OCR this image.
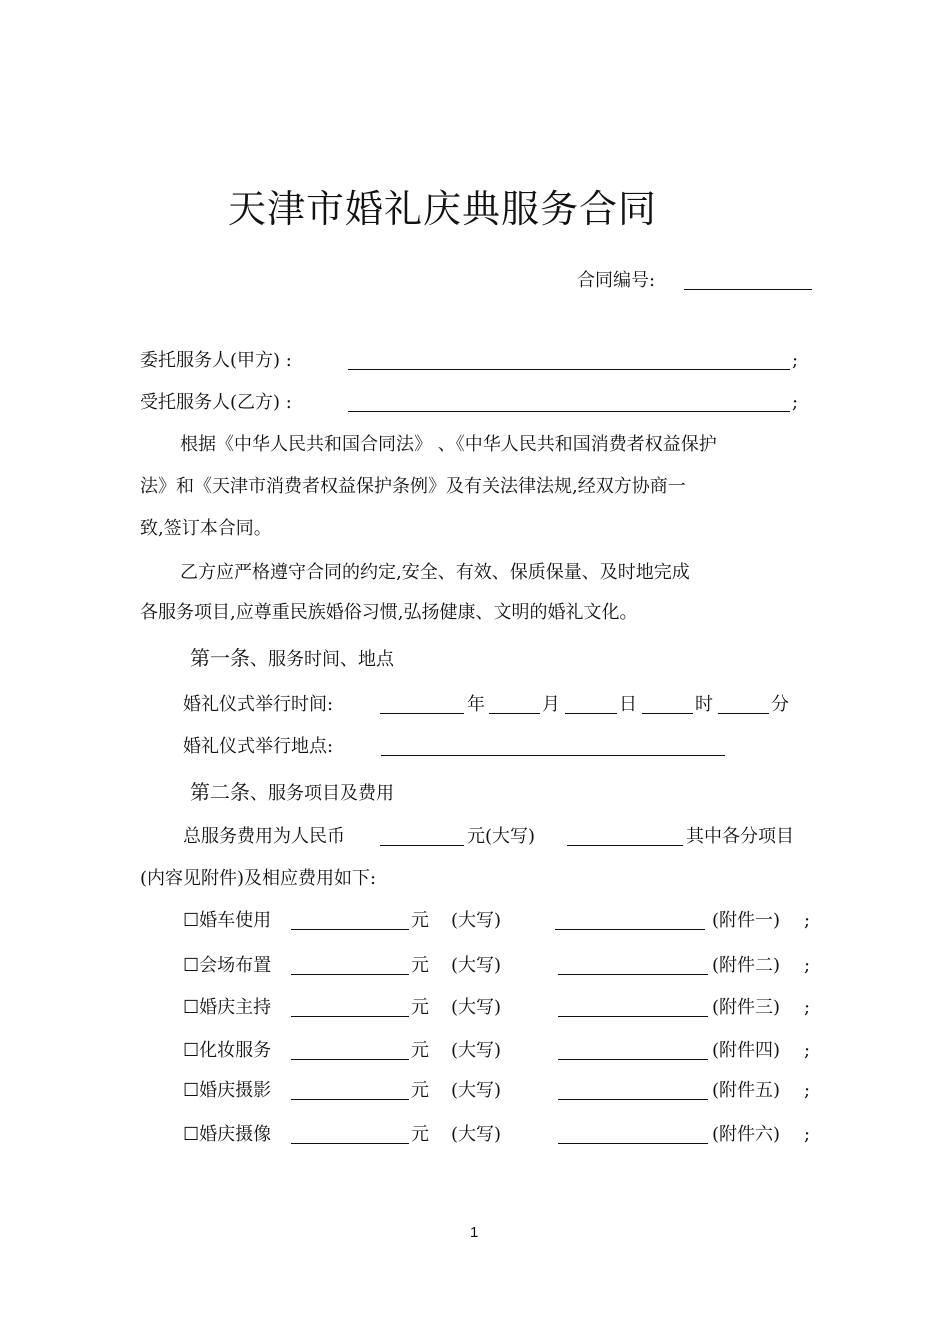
天津市婚礼庆典服务合同
合同编号:
委托服务人(甲方) :	;
受托服务人(乙方) :	;
根据《中华人民共和国合同法》 、《中华人民共和国消费者权益保护
法》和《天津市消费者权益保护条例》及有关法律法规,经双方协商一
致,签订本合同。
乙方应严格遵守合同的约定,安全、有效、保质保量、及时地完成
各服务项目,应尊重民族婚俗习惯,弘扬健康、文明的婚礼文化。
第一条、服务时间、地点
婚礼仪式举行时间:	年	月	日	时	分
婚礼仪式举行地点:
第二条、服务项目及费用
总服务费用为人民币	元(大写)	其中各分项目
(内容见附件)及相应费用如下:
☐婚车使用	元 (大写)	(附件一) ;
☐会场布置	元 (大写)	(附件二) ;
☐婚庆主持	元 (大写)	(附件三) ;
☐化妆服务	元 (大写)	(附件四) ;
☐婚庆摄影	元 (大写)	(附件五) ;
☐婚庆摄像	元 (大写)	(附件六) ;
1
